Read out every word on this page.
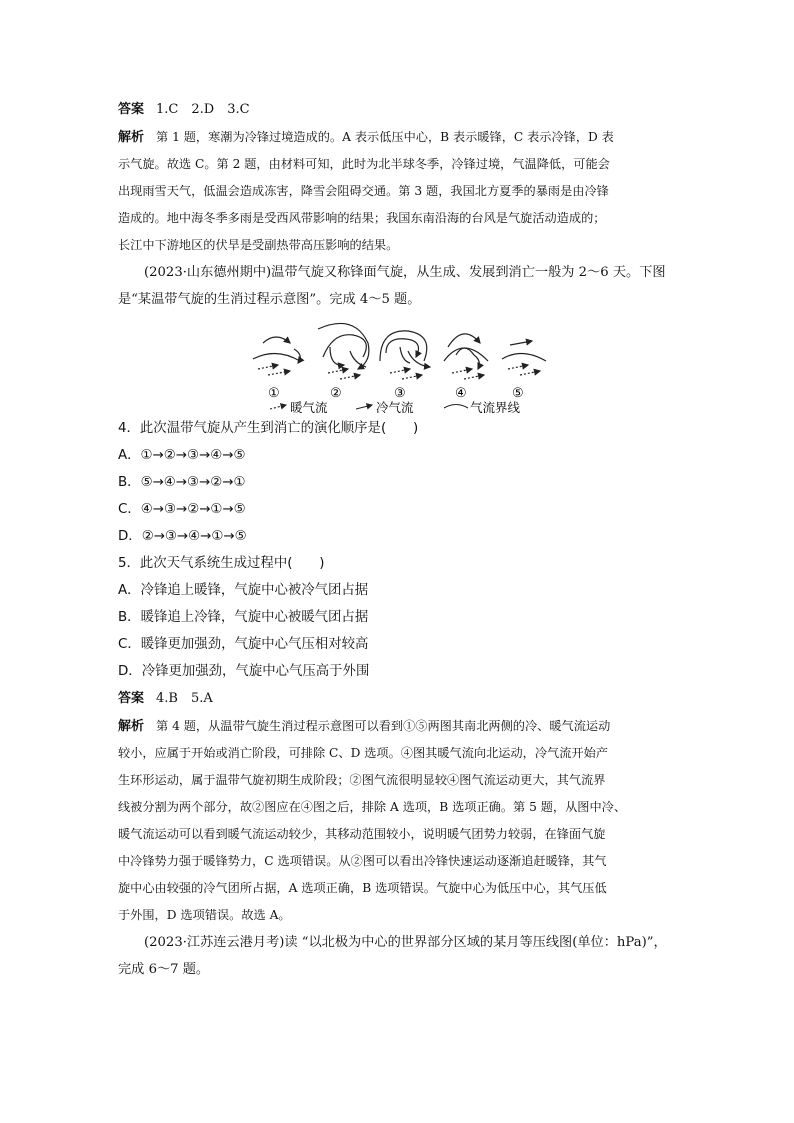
答案 1.C　2.D　3.C

解析 第 1 题，寒潮为冷锋过境造成的。A 表示低压中心，B 表示暖锋，C 表示冷锋，D 表

示气旋。故选 C。第 2 题，由材料可知，此时为北半球冬季，冷锋过境，气温降低，可能会

出现雨雪天气，低温会造成冻害，降雪会阻碍交通。第 3 题，我国北方夏季的暴雨是由冷锋

造成的。地中海冬季多雨是受西风带影响的结果；我国东南沿海的台风是气旋活动造成的；

长江中下游地区的伏旱是受副热带高压影响的结果。

(2023·山东德州期中)温带气旋又称锋面气旋，从生成、发展到消亡一般为 2～6 天。下图

是“某温带气旋的生消过程示意图”。完成 4～5 题。

①	②	③	④	⑤
暖气流	冷气流	气流界线

4．此次温带气旋从产生到消亡的演化顺序是(　　)

A．①→②→③→④→⑤

B．⑤→④→③→②→①

C．④→③→②→①→⑤

D．②→③→④→①→⑤

5．此次天气系统生成过程中(　　)

A．冷锋追上暖锋，气旋中心被冷气团占据

B．暖锋追上冷锋，气旋中心被暖气团占据

C．暖锋更加强劲，气旋中心气压相对较高

D．冷锋更加强劲，气旋中心气压高于外围

答案 4.B　5.A

解析 第 4 题，从温带气旋生消过程示意图可以看到①⑤两图其南北两侧的冷、暖气流运动

较小，应属于开始或消亡阶段，可排除 C、D 选项。④图其暖气流向北运动，冷气流开始产

生环形运动，属于温带气旋初期生成阶段；②图气流很明显较④图气流运动更大，其气流界

线被分割为两个部分，故②图应在④图之后，排除 A 选项，B 选项正确。第 5 题，从图中冷、

暖气流运动可以看到暖气流运动较少，其移动范围较小，说明暖气团势力较弱，在锋面气旋

中冷锋势力强于暖锋势力，C 选项错误。从②图可以看出冷锋快速运动逐渐追赶暖锋，其气

旋中心由较强的冷气团所占据，A 选项正确，B 选项错误。气旋中心为低压中心，其气压低

于外围，D 选项错误。故选 A。

(2023·江苏连云港月考)读 “以北极为中心的世界部分区域的某月等压线图(单位：hPa)”，

完成 6～7 题。
